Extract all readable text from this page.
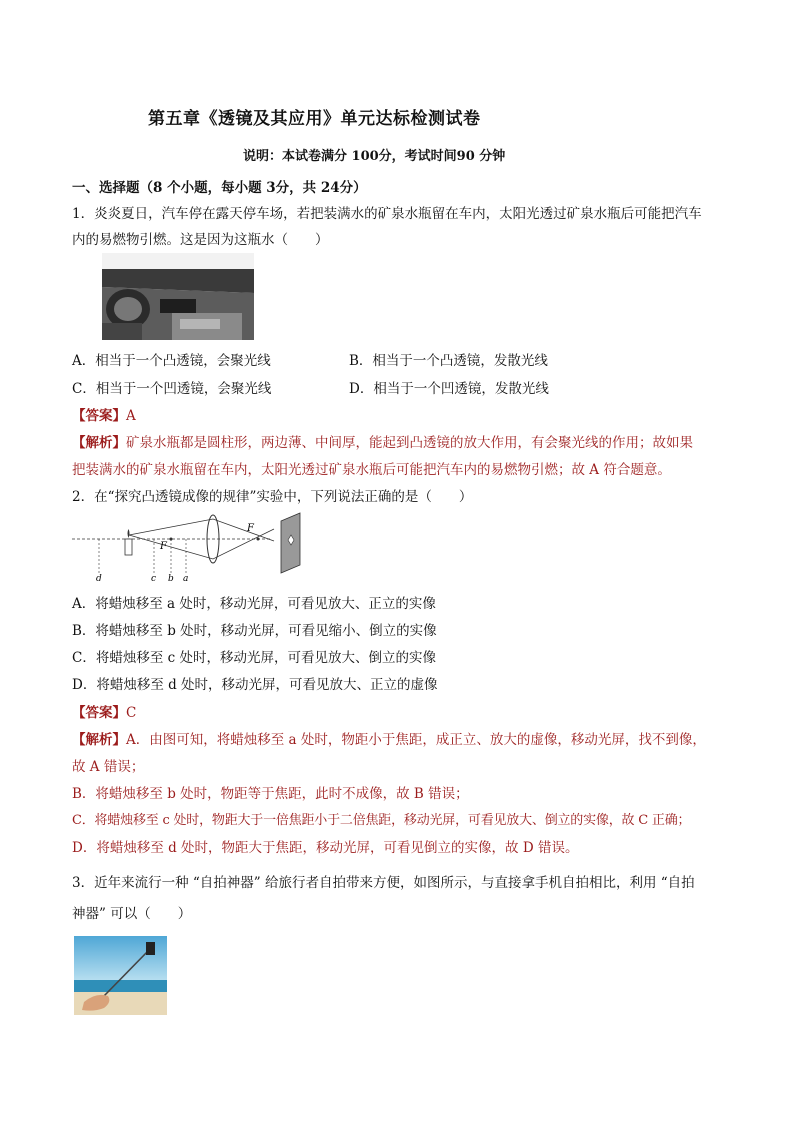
第五章《透镜及其应用》单元达标检测试卷
说明：本试卷满分 100分，考试时间90 分钟
一、选择题（8 个小题，每小题 3分，共 24分）
1．炎炎夏日，汽车停在露天停车场，若把装满水的矿泉水瓶留在车内，太阳光透过矿泉水瓶后可能把汽车
内的易燃物引燃。这是因为这瓶水（　　）
A．相当于一个凸透镜，会聚光线	B．相当于一个凸透镜，发散光线
C．相当于一个凹透镜，会聚光线	D．相当于一个凹透镜，发散光线
【答案】A
【解析】矿泉水瓶都是圆柱形，两边薄、中间厚，能起到凸透镜的放大作用，有会聚光线的作用；故如果
把装满水的矿泉水瓶留在车内，太阳光透过矿泉水瓶后可能把汽车内的易燃物引燃；故 A 符合题意。
2．在“探究凸透镜成像的规律”实验中，下列说法正确的是（　　）
F
F
d	c b a
A．将蜡烛移至 a 处时，移动光屏，可看见放大、正立的实像
B．将蜡烛移至 b 处时，移动光屏，可看见缩小、倒立的实像
C．将蜡烛移至 c 处时，移动光屏，可看见放大、倒立的实像
D．将蜡烛移至 d 处时，移动光屏，可看见放大、正立的虚像
【答案】C
【解析】A．由图可知，将蜡烛移至 a 处时，物距小于焦距，成正立、放大的虚像，移动光屏，找不到像，
故 A 错误；
B．将蜡烛移至 b 处时，物距等于焦距，此时不成像，故 B 错误；
C．将蜡烛移至 c 处时，物距大于一倍焦距小于二倍焦距，移动光屏，可看见放大、倒立的实像，故 C 正确；
D．将蜡烛移至 d 处时，物距大于焦距，移动光屏，可看见倒立的实像，故 D 错误。
3．近年来流行一种 “自拍神器” 给旅行者自拍带来方便，如图所示，与直接拿手机自拍相比，利用 “自拍
神器” 可以（　　）
